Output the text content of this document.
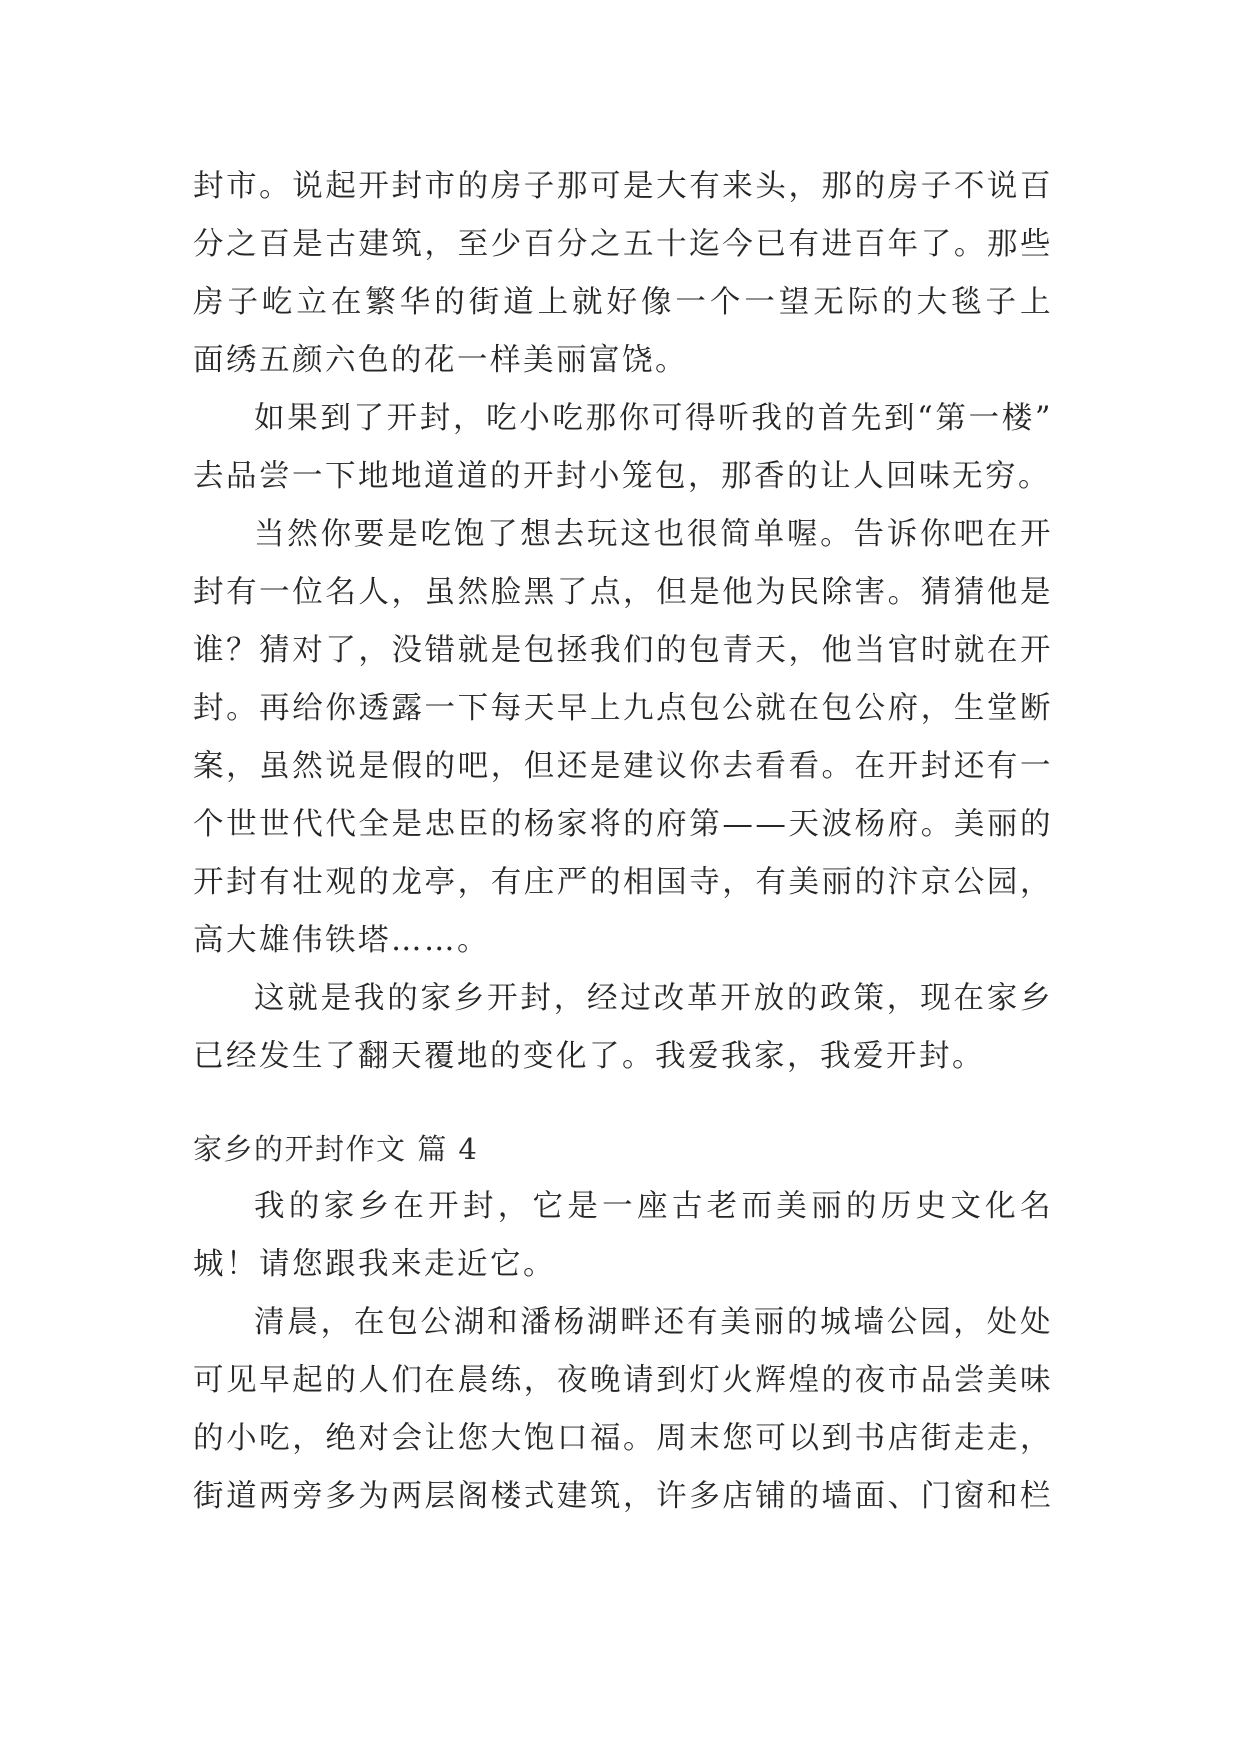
封市。说起开封市的房子那可是大有来头，那的房子不说百
分之百是古建筑，至少百分之五十迄今已有进百年了。那些
房子屹立在繁华的街道上就好像一个一望无际的大毯子上
面绣五颜六色的花一样美丽富饶。

如果到了开封，吃小吃那你可得听我的首先到“第一楼”
去品尝一下地地道道的开封小笼包，那香的让人回味无穷。

当然你要是吃饱了想去玩这也很简单喔。告诉你吧在开
封有一位名人，虽然脸黑了点，但是他为民除害。猜猜他是
谁？猜对了，没错就是包拯我们的包青天，他当官时就在开
封。再给你透露一下每天早上九点包公就在包公府，生堂断
案，虽然说是假的吧，但还是建议你去看看。在开封还有一
个世世代代全是忠臣的杨家将的府第——天波杨府。美丽的
开封有壮观的龙亭，有庄严的相国寺，有美丽的汴京公园，
高大雄伟铁塔……。

这就是我的家乡开封，经过改革开放的政策，现在家乡
已经发生了翻天覆地的变化了。我爱我家，我爱开封。

家乡的开封作文 篇 4

我的家乡在开封，它是一座古老而美丽的历史文化名
城！请您跟我来走近它。

清晨，在包公湖和潘杨湖畔还有美丽的城墙公园，处处
可见早起的人们在晨练，夜晚请到灯火辉煌的夜市品尝美味
的小吃，绝对会让您大饱口福。周末您可以到书店街走走，
街道两旁多为两层阁楼式建筑，许多店铺的墙面、门窗和栏
